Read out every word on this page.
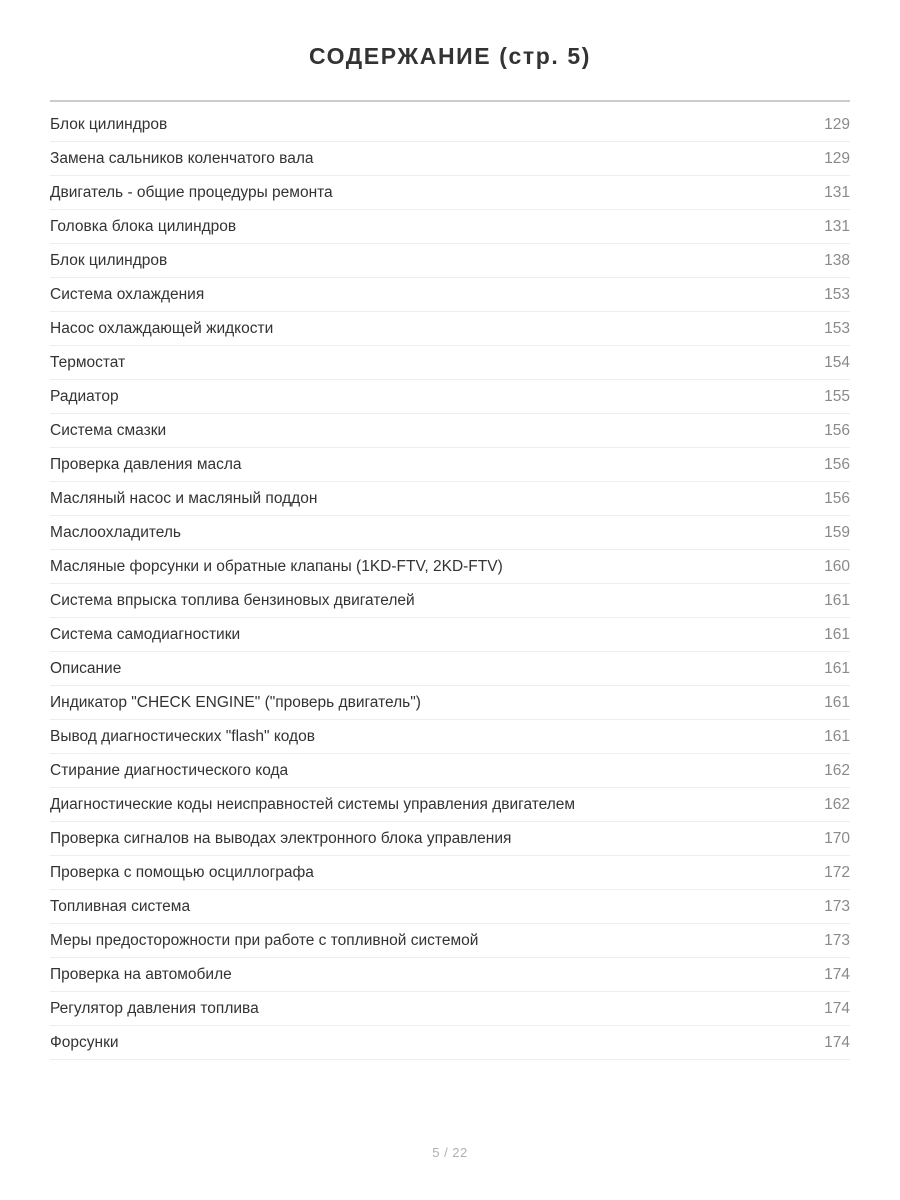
СОДЕРЖАНИЕ (стр. 5)
Блок цилиндров	129
Замена сальников коленчатого вала	129
Двигатель - общие процедуры ремонта	131
Головка блока цилиндров	131
Блок цилиндров	138
Система охлаждения	153
Насос охлаждающей жидкости	153
Термостат	154
Радиатор	155
Система смазки	156
Проверка давления масла	156
Масляный насос и масляный поддон	156
Маслоохладитель	159
Масляные форсунки и обратные клапаны (1KD-FTV, 2KD-FTV)	160
Система впрыска топлива бензиновых двигателей	161
Система самодиагностики	161
Описание	161
Индикатор "CHECK ENGINE" ("проверь двигатель")	161
Вывод диагностических "flash" кодов	161
Стирание диагностического кода	162
Диагностические коды неисправностей системы управления двигателем	162
Проверка сигналов на выводах электронного блока управления	170
Проверка с помощью осциллографа	172
Топливная система	173
Меры предосторожности при работе с топливной системой	173
Проверка на автомобиле	174
Регулятор давления топлива	174
Форсунки	174
5 / 22
